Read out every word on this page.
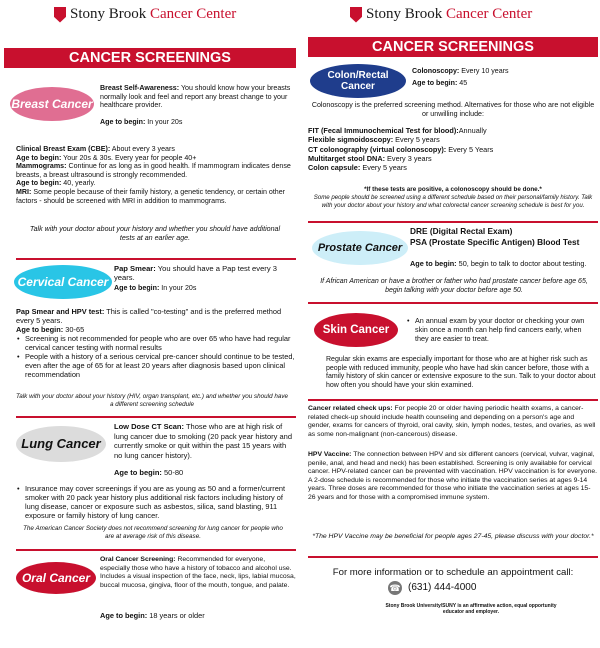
Stony Brook Cancer Center
CANCER SCREENINGS
Breast Cancer
Breast Self-Awareness: You should know how your breasts normally look and feel and report any breast change to your healthcare provider.
Age to begin: In your 20s
Clinical Breast Exam (CBE): About every 3 years
Age to begin: Your 20s & 30s. Every year for people 40+
Mammograms: Continue for as long as in good health. If mammogram indicates dense breasts, a breast ultrasound is strongly recommended.
Age to begin: 40, yearly.
MRI: Some people because of their family history, a genetic tendency, or certain other factors - should be screened with MRI in addition to mammograms.
Talk with your doctor about your history and whether you should have additional tests at an earlier age.
Cervical Cancer
Pap Smear: You should have a Pap test every 3 years.
Age to begin: In your 20s
Pap Smear and HPV test: This is called "co-testing" and is the preferred method every 5 years.
Age to begin: 30-65
• Screening is not recommended for people who are over 65 who have had regular cervical cancer testing with normal results
• People with a history of a serious cervical pre-cancer should continue to be tested, even after the age of 65 for at least 20 years after diagnosis based upon clinical recommendation
Talk with your doctor about your history (HIV, organ transplant, etc.) and whether you should have a different screening schedule
Lung Cancer
Low Dose CT Scan: Those who are at high risk of lung cancer due to smoking (20 pack year history and currently smoke or quit within the past 15 years with no lung cancer history).
Age to begin: 50-80
• Insurance may cover screenings if you are as young as 50 and a former/current smoker with 20 pack year history plus additional risk factors including history of lung disease, cancer or exposure such as asbestos, silica, sand blasting, 911 exposure or family history of lung cancer.
The American Cancer Society does not recommend screening for lung cancer for people who are at average risk of this disease.
Oral Cancer
Oral Cancer Screening: Recommended for everyone, especially those who have a history of tobacco and alcohol use. Includes a visual inspection of the face, neck, lips, labial mucosa, buccal mucosa, gingiva, floor of the mouth, tongue, and palate.
Age to begin: 18 years or older
Stony Brook Cancer Center
CANCER SCREENINGS
Colon/Rectal Cancer
Colonoscopy: Every 10 years
Age to begin: 45
Colonoscopy is the preferred screening method. Alternatives for those who are not eligible or unwilling include:
FIT (Fecal Immunochemical Test for blood):Annually
Flexible sigmoidoscopy: Every 5 years
CT colonography (virtual colonoscopy): Every 5 Years
Multitarget stool DNA: Every 3 years
Colon capsule: Every 5 years
*If these tests are positive, a colonoscopy should be done.*
Some people should be screened using a different schedule based on their personal/family history. Talk with your doctor about your history and what colorectal cancer screening schedule is best for you.
Prostate Cancer
DRE (Digital Rectal Exam)
PSA (Prostate Specific Antigen) Blood Test
Age to begin: 50, begin to talk to doctor about testing.
If African American or have a brother or father who had prostate cancer before age 65, begin talking with your doctor before age 50.
Skin Cancer
• An annual exam by your doctor or checking your own skin once a month can help find cancers early, when they are easier to treat.
Regular skin exams are especially important for those who are at higher risk such as people with reduced immunity, people who have had skin cancer before, those with a family history of skin cancer or extensive exposure to the sun. Talk to your doctor about how often you should have your skin examined.
Cancer related check ups: For people 20 or older having periodic health exams, a cancer-related check-up should include health counseling and depending on a person's age and gender, exams for cancers of thyroid, oral cavity, skin, lymph nodes, testes, and ovaries, as well as some non-malignant (non-cancerous) disease.
HPV Vaccine: The connection between HPV and six different cancers (cervical, vulvar, vaginal, penile, anal, and head and neck) has been established. Screening is only available for cervical cancer. HPV-related cancer can be prevented with vaccination. HPV vaccination is for everyone. A 2-dose schedule is recommended for those who initiate the vaccination series at ages 9-14 years. Three doses are recommended for those who initiate the vaccination series at ages 15-26 years and for those with a compromised immune system.
*The HPV Vaccine may be beneficial for people ages 27-45, please discuss with your doctor.*
For more information or to schedule an appointment call:
☎ (631) 444-4000
Stony Brook University/SUNY is an affirmative action, equal opportunity educator and employer.
